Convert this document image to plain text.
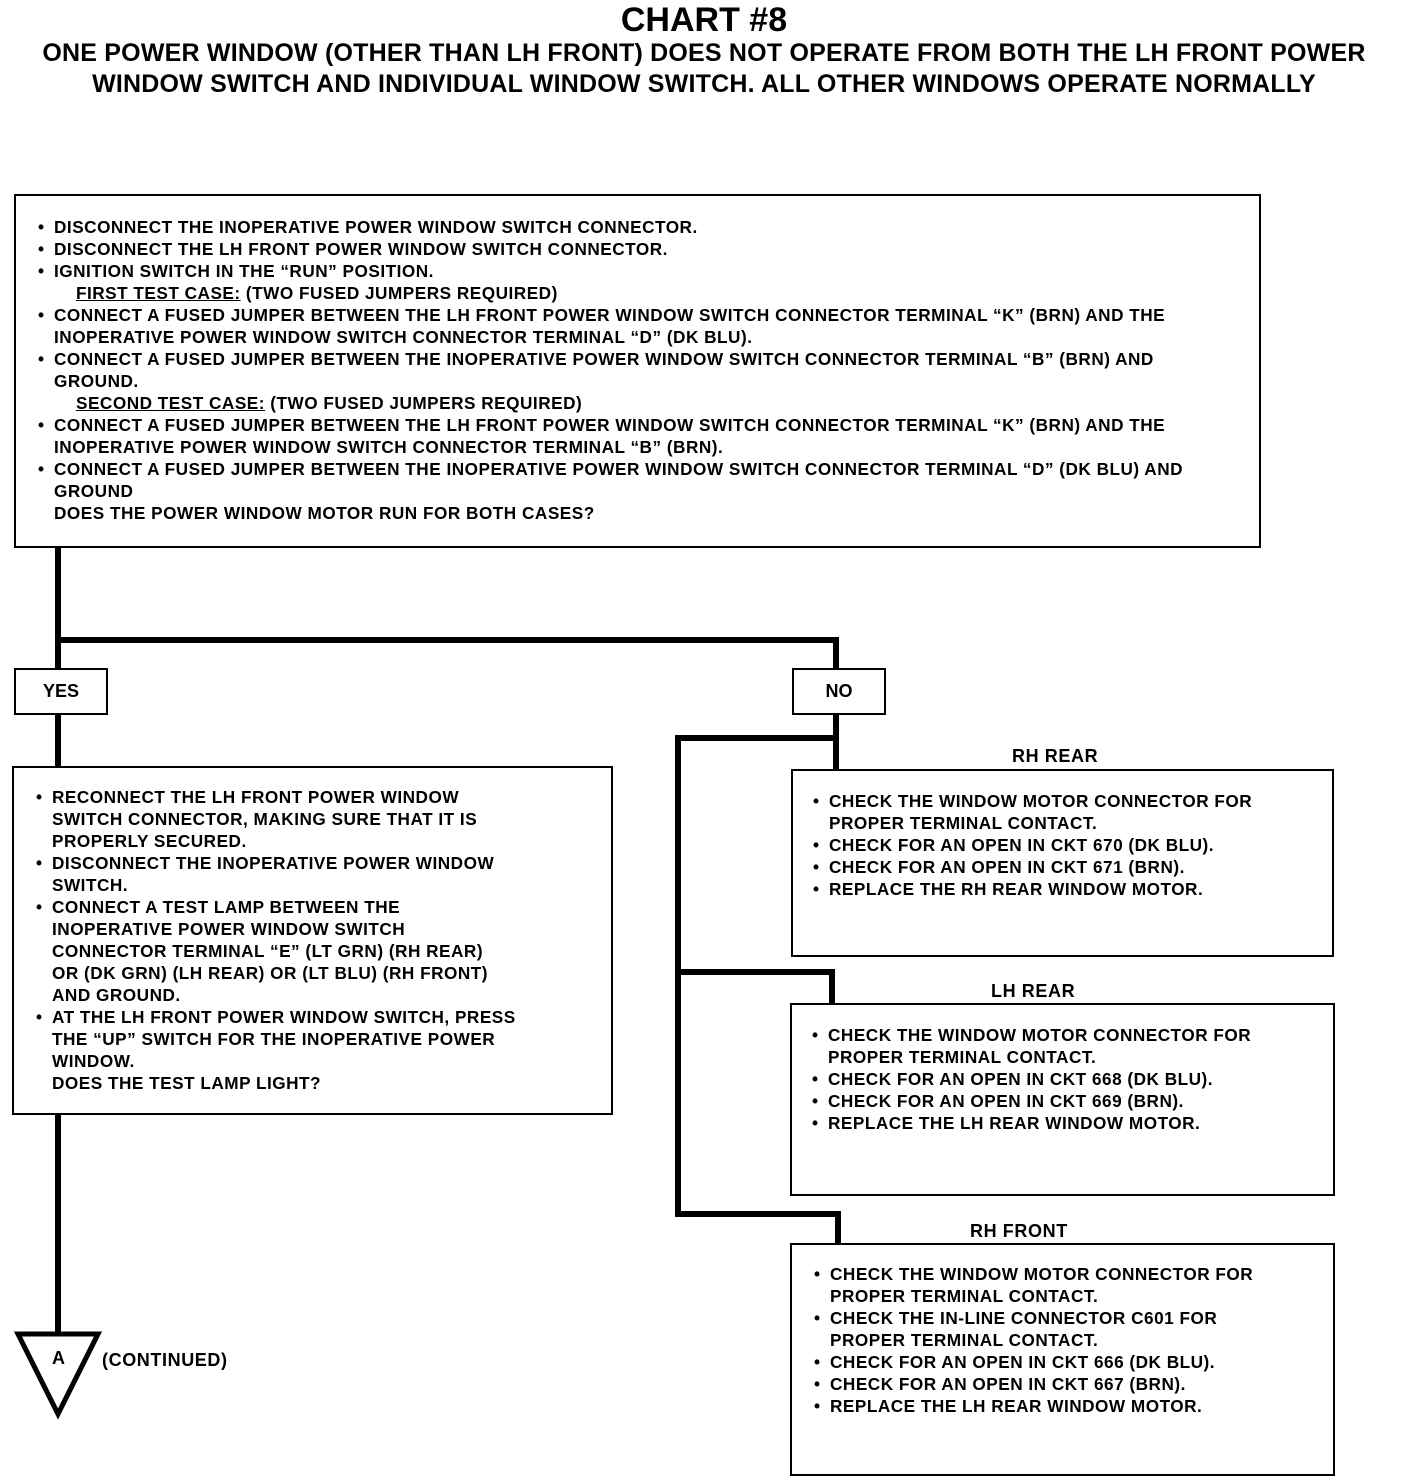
CHART #8
ONE POWER WINDOW (OTHER THAN LH FRONT) DOES NOT OPERATE FROM BOTH THE LH FRONT POWER WINDOW SWITCH AND INDIVIDUAL WINDOW SWITCH. ALL OTHER WINDOWS OPERATE NORMALLY
A (CONTINUED)
• DISCONNECT THE INOPERATIVE POWER WINDOW SWITCH CONNECTOR.
• DISCONNECT THE LH FRONT POWER WINDOW SWITCH CONNECTOR.
• IGNITION SWITCH IN THE “RUN” POSITION.
FIRST TEST CASE: (TWO FUSED JUMPERS REQUIRED)
• CONNECT A FUSED JUMPER BETWEEN THE LH FRONT POWER WINDOW SWITCH CONNECTOR TERMINAL “K” (BRN) AND THE INOPERATIVE POWER WINDOW SWITCH CONNECTOR TERMINAL “D” (DK BLU).
• CONNECT A FUSED JUMPER BETWEEN THE INOPERATIVE POWER WINDOW SWITCH CONNECTOR TERMINAL “B” (BRN) AND GROUND.
SECOND TEST CASE: (TWO FUSED JUMPERS REQUIRED)
• CONNECT A FUSED JUMPER BETWEEN THE LH FRONT POWER WINDOW SWITCH CONNECTOR TERMINAL “K” (BRN) AND THE INOPERATIVE POWER WINDOW SWITCH CONNECTOR TERMINAL “B” (BRN).
• CONNECT A FUSED JUMPER BETWEEN THE INOPERATIVE POWER WINDOW SWITCH CONNECTOR TERMINAL “D” (DK BLU) AND GROUND
DOES THE POWER WINDOW MOTOR RUN FOR BOTH CASES?
YES	NO
• RECONNECT THE LH FRONT POWER WINDOW
SWITCH CONNECTOR, MAKING SURE THAT IT IS
PROPERLY SECURED.
• DISCONNECT THE INOPERATIVE POWER WINDOW
SWITCH.
• CONNECT A TEST LAMP BETWEEN THE
INOPERATIVE POWER WINDOW SWITCH
CONNECTOR TERMINAL “E” (LT GRN) (RH REAR)
OR (DK GRN) (LH REAR) OR (LT BLU) (RH FRONT)
AND GROUND.
• AT THE LH FRONT POWER WINDOW SWITCH, PRESS
THE “UP” SWITCH FOR THE INOPERATIVE POWER
WINDOW.
DOES THE TEST LAMP LIGHT?
RH REAR
• CHECK THE WINDOW MOTOR CONNECTOR FOR
PROPER TERMINAL CONTACT.
• CHECK FOR AN OPEN IN CKT 670 (DK BLU).
• CHECK FOR AN OPEN IN CKT 671 (BRN).
• REPLACE THE RH REAR WINDOW MOTOR.
LH REAR
• CHECK THE WINDOW MOTOR CONNECTOR FOR
PROPER TERMINAL CONTACT.
• CHECK FOR AN OPEN IN CKT 668 (DK BLU).
• CHECK FOR AN OPEN IN CKT 669 (BRN).
• REPLACE THE LH REAR WINDOW MOTOR.
RH FRONT
• CHECK THE WINDOW MOTOR CONNECTOR FOR
PROPER TERMINAL CONTACT.
• CHECK THE IN-LINE CONNECTOR C601 FOR
PROPER TERMINAL CONTACT.
• CHECK FOR AN OPEN IN CKT 666 (DK BLU).
• CHECK FOR AN OPEN IN CKT 667 (BRN).
• REPLACE THE LH REAR WINDOW MOTOR.
